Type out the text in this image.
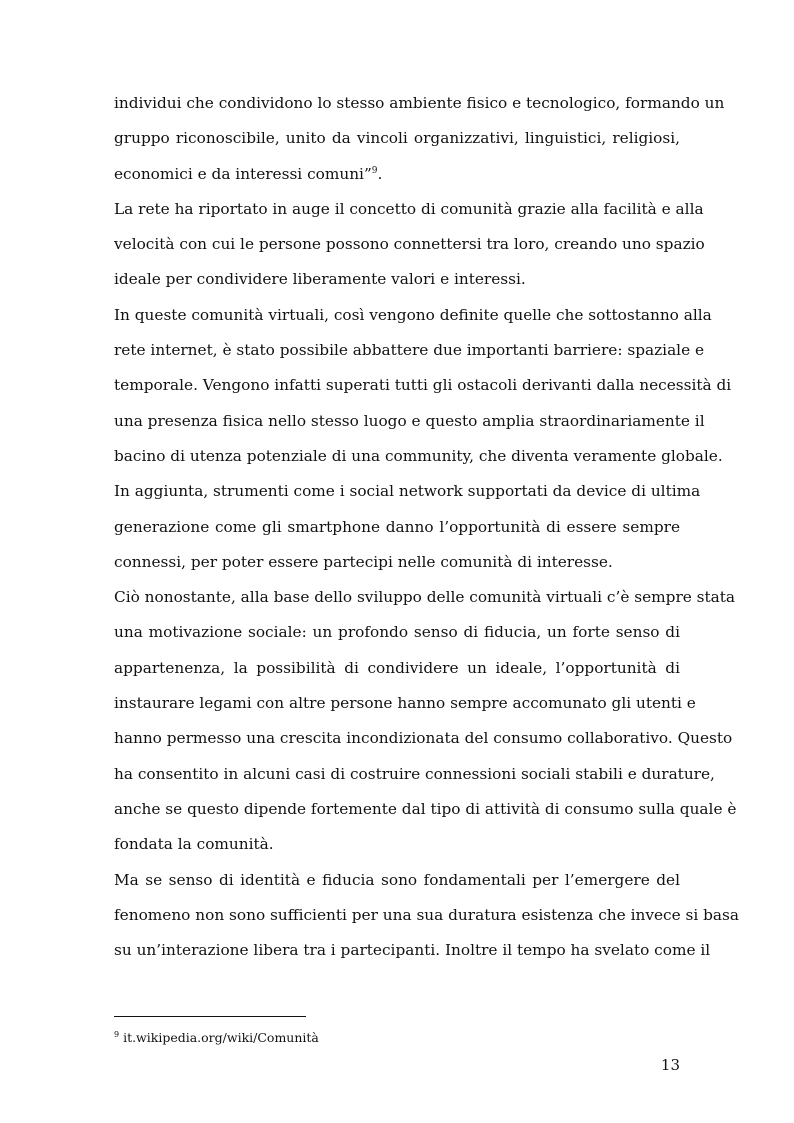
individui che condividono lo stesso ambiente fisico e tecnologico, formando un
gruppo riconoscibile, unito da vincoli organizzativi, linguistici, religiosi,
economici e da interessi comuni”$^9$.
La rete ha riportato in auge il concetto di comunità grazie alla facilità e alla
velocità con cui le persone possono connettersi tra loro, creando uno spazio
ideale per condividere liberamente valori e interessi.
In queste comunità virtuali, così vengono definite quelle che sottostanno alla
rete internet, è stato possibile abbattere due importanti barriere: spaziale e
temporale. Vengono infatti superati tutti gli ostacoli derivanti dalla necessità di
una presenza fisica nello stesso luogo e questo amplia straordinariamente il
bacino di utenza potenziale di una community, che diventa veramente globale.
In aggiunta, strumenti come i social network supportati da device di ultima
generazione come gli smartphone danno l’opportunità di essere sempre
connessi, per poter essere partecipi nelle comunità di interesse.
Ciò nonostante, alla base dello sviluppo delle comunità virtuali c’è sempre stata
una motivazione sociale: un profondo senso di fiducia, un forte senso di
appartenenza, la possibilità di condividere un ideale, l’opportunità di
instaurare legami con altre persone hanno sempre accomunato gli utenti e
hanno permesso una crescita incondizionata del consumo collaborativo. Questo
ha consentito in alcuni casi di costruire connessioni sociali stabili e durature,
anche se questo dipende fortemente dal tipo di attività di consumo sulla quale è
fondata la comunità.
Ma se senso di identità e fiducia sono fondamentali per l’emergere del
fenomeno non sono sufficienti per una sua duratura esistenza che invece si basa
su un’interazione libera tra i partecipanti. Inoltre il tempo ha svelato come il
$^9$ it.wikipedia.org/wiki/Comunità
13
